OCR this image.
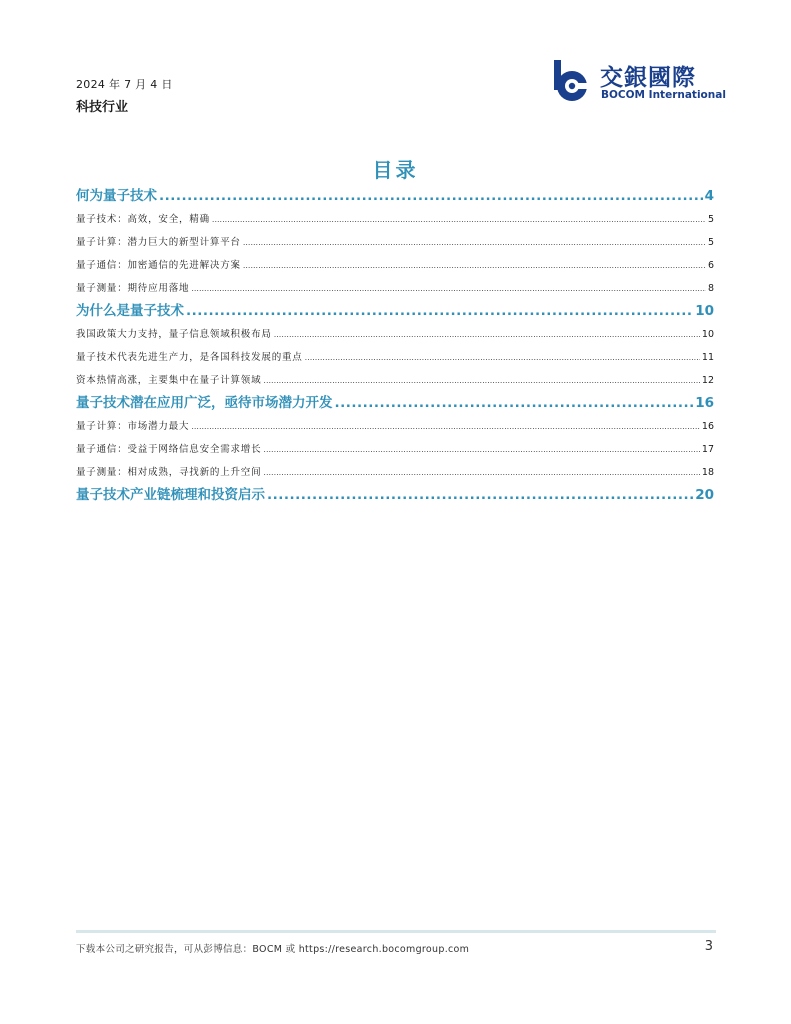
2024 年 7 月 4 日
科技行业
交銀國際
BOCOM International
目录
何为量子技术 .....	4
量子技术：高效，安全，精确 .....	5
量子计算：潜力巨大的新型计算平台 .....	5
量子通信：加密通信的先进解决方案 .....	6
量子测量：期待应用落地 .....	8
为什么是量子技术 .....	10
我国政策大力支持，量子信息领域积极布局 .....	10
量子技术代表先进生产力，是各国科技发展的重点 .....	11
资本热情高涨，主要集中在量子计算领域 .....	12
量子技术潜在应用广泛，亟待市场潜力开发 .....	16
量子计算：市场潜力最大 .....	16
量子通信：受益于网络信息安全需求增长 .....	17
量子测量：相对成熟，寻找新的上升空间 .....	18
量子技术产业链梳理和投资启示 .....	20
下载本公司之研究报告，可从彭博信息：BOCM 或 https://research.bocomgroup.com	3
